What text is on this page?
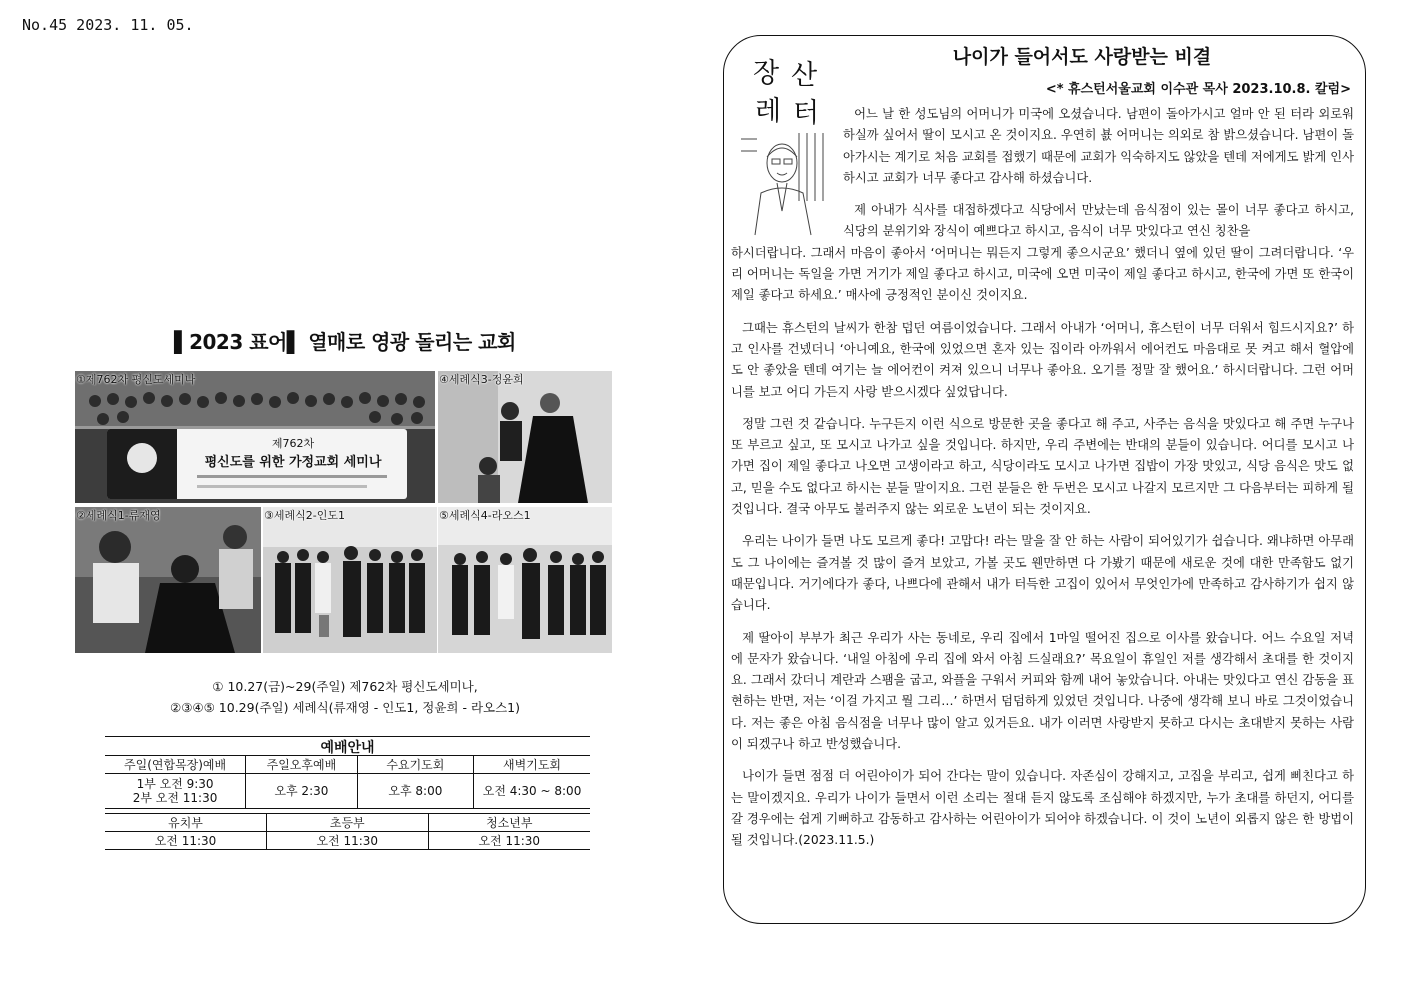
No.45 2023. 11. 05.
▌2023 표어▌ 열매로 영광 돌리는 교회
제762차
평신도를 위한 가정교회 세미나
①제762차 평신도세미나	④세례식3-정윤희
②세례식1-류재영	③세례식2-인도1	⑤세례식4-라오스1
① 10.27(금)~29(주일) 제762차 평신도세미나,
②③④⑤ 10.29(주일) 세례식(류재영 - 인도1, 정윤희 - 라오스1)
예배안내
주일(연합목장)예배	주일오후예배	수요기도회	새벽기도회

1부 오전 9:30
2부 오전 11:30	오후 2:30	오후 8:00	오전 4:30 ~ 8:00
유치부	초등부	청소년부
오전 11:30	오전 11:30	오전 11:30
장 산
레 터
나이가 들어서도 사랑받는 비결
<* 휴스턴서울교회 이수관 목사 2023.10.8. 칼럼>

어느 날 한 성도님의 어머니가 미국에 오셨습니다. 남편이 돌아가시고 얼마 안 된 터라 외로워하실까 싶어서 딸이 모시고 온 것이지요. 우연히 뵰 어머니는 의외로 참 밝으셨습니다. 남편이 돌아가시는 계기로 처음 교회를 접했기 때문에 교회가 익숙하지도 않았을 텐데 저에게도 밝게 인사하시고 교회가 너무 좋다고 감사해 하셨습니다.

제 아내가 식사를 대접하겠다고 식당에서 만났는데 음식점이 있는 몰이 너무 좋다고 하시고, 식당의 분위기와 장식이 예쁘다고 하시고, 음식이 너무 맛있다고 연신 칭찬을

하시더랍니다. 그래서 마음이 좋아서 ‘어머니는 뭐든지 그렇게 좋으시군요’ 했더니 옆에 있던 딸이 그려더랍니다. ‘우리 어머니는 독일을 가면 거기가 제일 좋다고 하시고, 미국에 오면 미국이 제일 좋다고 하시고, 한국에 가면 또 한국이 제일 좋다고 하세요.’ 매사에 긍정적인 분이신 것이지요.

그때는 휴스턴의 날씨가 한참 덥던 여름이었습니다. 그래서 아내가 ‘어머니, 휴스턴이 너무 더워서 힘드시지요?’ 하고 인사를 건넸더니 ‘아니예요, 한국에 있었으면 혼자 있는 집이라 아까워서 에어컨도 마음대로 못 켜고 해서 혈압에도 안 좋았을 텐데 여기는 늘 에어컨이 켜져 있으니 너무나 좋아요. 오기를 정말 잘 했어요.’ 하시더랍니다. 그런 어머니를 보고 어디 가든지 사랑 받으시겠다 싶었답니다.

정말 그런 것 같습니다. 누구든지 이런 식으로 방문한 곳을 좋다고 해 주고, 사주는 음식을 맛있다고 해 주면 누구나 또 부르고 싶고, 또 모시고 나가고 싶을 것입니다. 하지만, 우리 주변에는 반대의 분들이 있습니다. 어디를 모시고 나가면 집이 제일 좋다고 나오면 고생이라고 하고, 식당이라도 모시고 나가면 집밥이 가장 맛있고, 식당 음식은 맛도 없고, 믿을 수도 없다고 하시는 분들 말이지요. 그런 분들은 한 두번은 모시고 나갈지 모르지만 그 다음부터는 피하게 될 것입니다. 결국 아무도 불러주지 않는 외로운 노년이 되는 것이지요.

우리는 나이가 들면 나도 모르게 좋다! 고맙다! 라는 말을 잘 안 하는 사람이 되어있기가 쉽습니다. 왜냐하면 아무래도 그 나이에는 즐겨볼 것 많이 즐겨 보았고, 가볼 곳도 웬만하면 다 가봤기 때문에 새로운 것에 대한 만족함도 없기 때문입니다. 거기에다가 좋다, 나쁘다에 관해서 내가 터득한 고집이 있어서 무엇인가에 만족하고 감사하기가 쉽지 않습니다.

제 딸아이 부부가 최근 우리가 사는 동네로, 우리 집에서 1마일 떨어진 집으로 이사를 왔습니다. 어느 수요일 저녁에 문자가 왔습니다. ‘내일 아침에 우리 집에 와서 아침 드실래요?’ 목요일이 휴일인 저를 생각해서 초대를 한 것이지요. 그래서 갔더니 계란과 스팸을 굽고, 와플을 구워서 커피와 함께 내어 놓았습니다. 아내는 맛있다고 연신 감동을 표현하는 반면, 저는 ‘이걸 가지고 뭘 그리…’ 하면서 덤덤하게 있었던 것입니다. 나중에 생각해 보니 바로 그것이었습니다. 저는 좋은 아침 음식점을 너무나 많이 알고 있거든요. 내가 이러면 사랑받지 못하고 다시는 초대받지 못하는 사람이 되겠구나 하고 반성했습니다.

나이가 들면 점점 더 어린아이가 되어 간다는 말이 있습니다. 자존심이 강해지고, 고집을 부리고, 쉽게 삐친다고 하는 말이겠지요. 우리가 나이가 들면서 이런 소리는 절대 듣지 않도록 조심해야 하겠지만, 누가 초대를 하던지, 어디를 갈 경우에는 쉽게 기뻐하고 감동하고 감사하는 어린아이가 되어야 하겠습니다. 이 것이 노년이 외롭지 않은 한 방법이 될 것입니다.(2023.11.5.)
